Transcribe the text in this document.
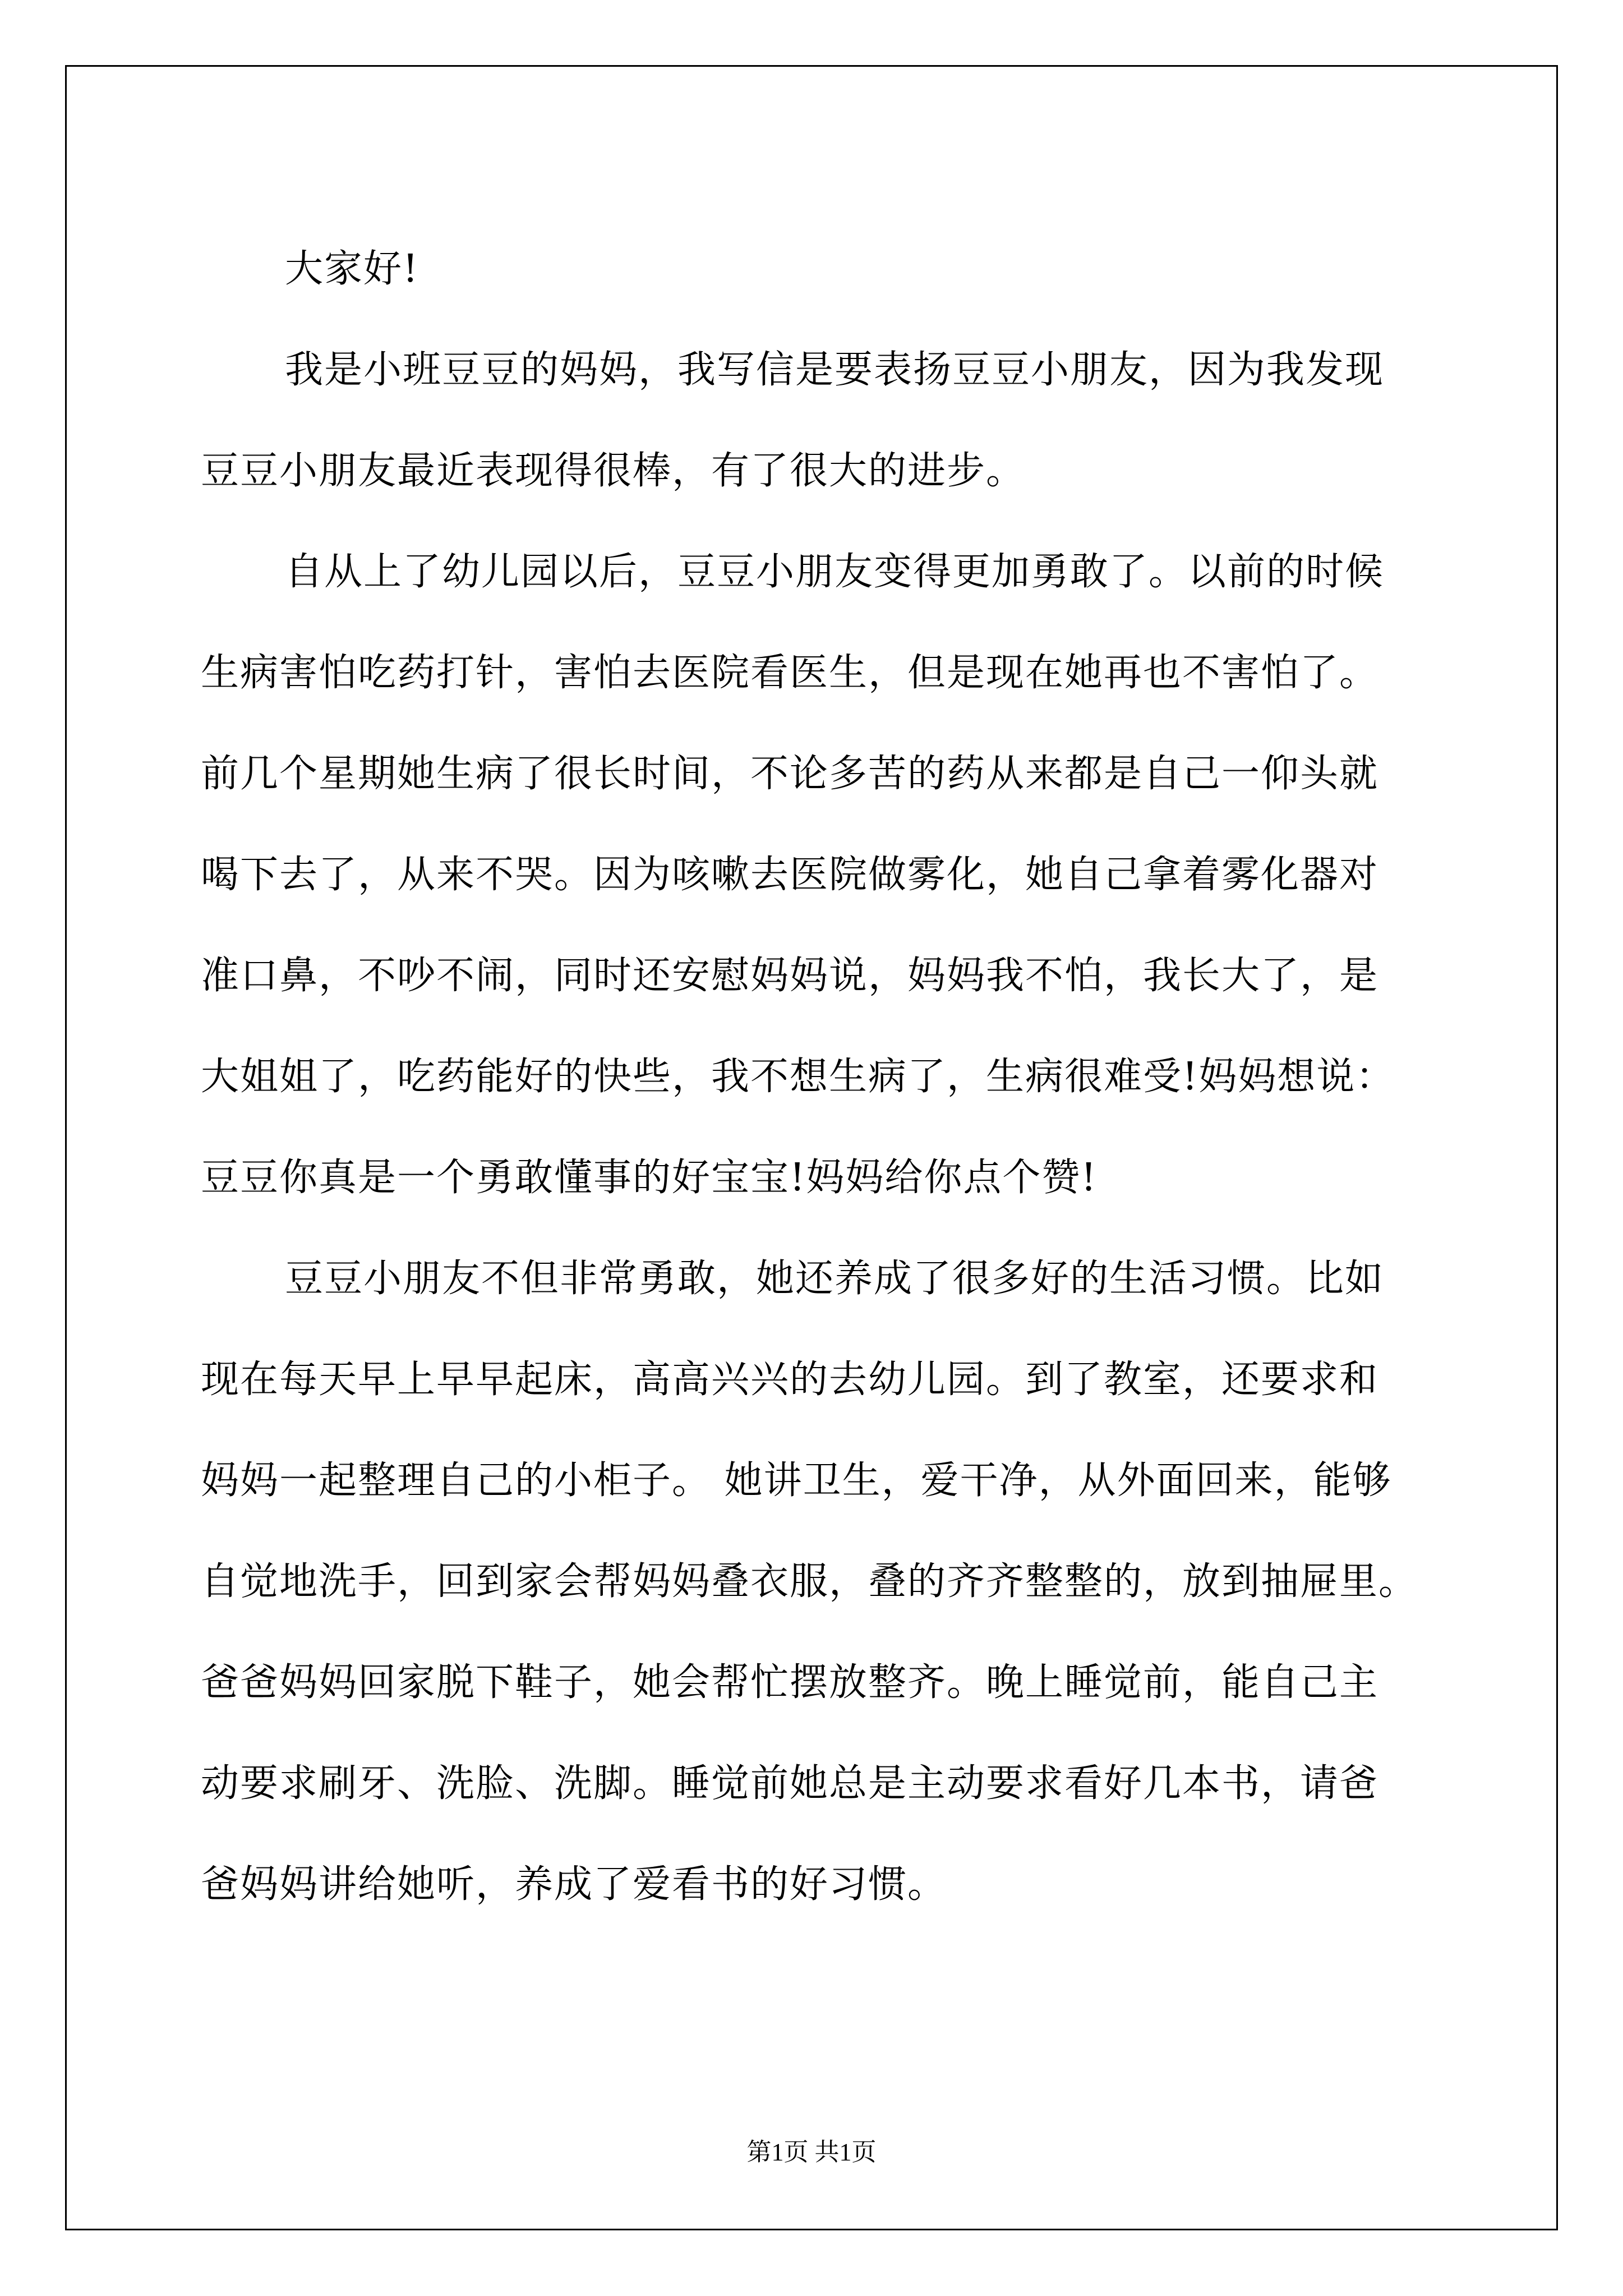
大家好!
我是小班豆豆的妈妈，我写信是要表扬豆豆小朋友，因为我发现
豆豆小朋友最近表现得很棒，有了很大的进步。
自从上了幼儿园以后，豆豆小朋友变得更加勇敢了。以前的时候
生病害怕吃药打针，害怕去医院看医生，但是现在她再也不害怕了。
前几个星期她生病了很长时间，不论多苦的药从来都是自己一仰头就
喝下去了，从来不哭。因为咳嗽去医院做雾化，她自己拿着雾化器对
准口鼻，不吵不闹，同时还安慰妈妈说，妈妈我不怕，我长大了，是
大姐姐了，吃药能好的快些，我不想生病了，生病很难受!妈妈想说：
豆豆你真是一个勇敢懂事的好宝宝!妈妈给你点个赞!
豆豆小朋友不但非常勇敢，她还养成了很多好的生活习惯。比如
现在每天早上早早起床，高高兴兴的去幼儿园。到了教室，还要求和
妈妈一起整理自己的小柜子。 她讲卫生，爱干净，从外面回来，能够
自觉地洗手，回到家会帮妈妈叠衣服，叠的齐齐整整的，放到抽屉里。
爸爸妈妈回家脱下鞋子，她会帮忙摆放整齐。晚上睡觉前，能自己主
动要求刷牙、洗脸、洗脚。睡觉前她总是主动要求看好几本书，请爸
爸妈妈讲给她听，养成了爱看书的好习惯。
第1页 共1页
